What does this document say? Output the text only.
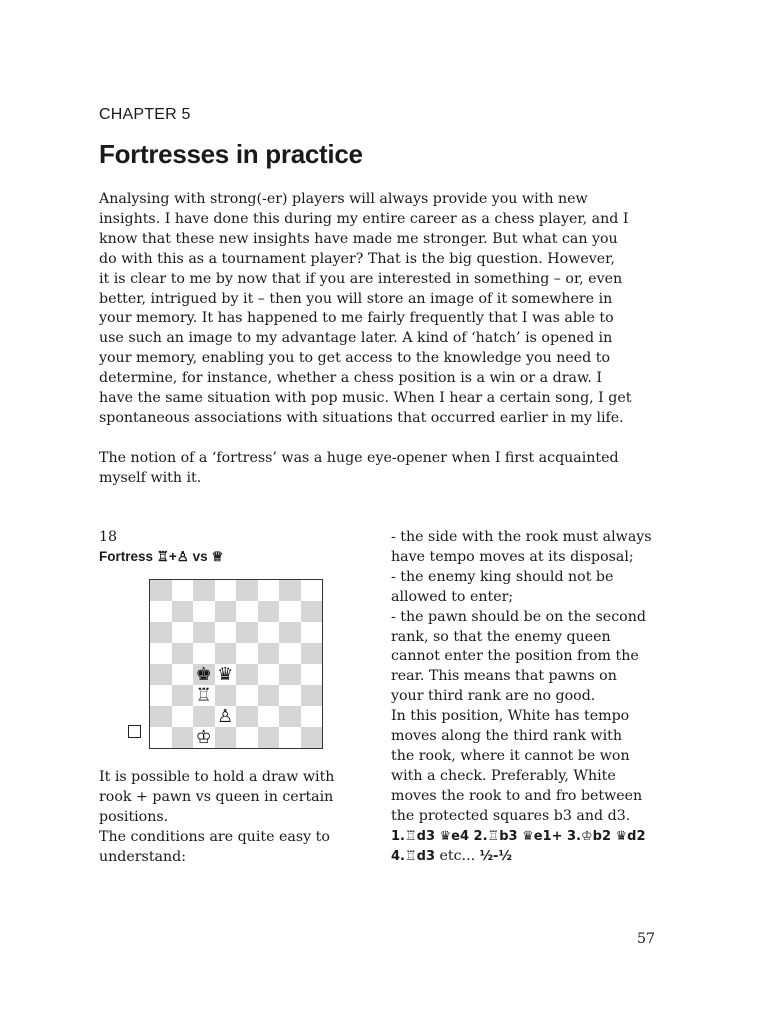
CHAPTER 5
Fortresses in practice

Analysing with strong(-er) players will always provide you with new
insights. I have done this during my entire career as a chess player, and I
know that these new insights have made me stronger. But what can you
do with this as a tournament player? That is the big question. However,
it is clear to me by now that if you are interested in something – or, even
better, intrigued by it – then you will store an image of it somewhere in
your memory. It has happened to me fairly frequently that I was able to
use such an image to my advantage later. A kind of ‘hatch’ is opened in
your memory, enabling you to get access to the knowledge you need to
determine, for instance, whether a chess position is a win or a draw. I
have the same situation with pop music. When I hear a certain song, I get
spontaneous associations with situations that occurred earlier in my life.

The notion of a ‘fortress’ was a huge eye-opener when I first acquainted
myself with it.

18
Fortress ♖+♙ vs ♕
♚ ♛
♖
♙
♔

It is possible to hold a draw with
rook + pawn vs queen in certain
positions.
The conditions are quite easy to
understand:

- the side with the rook must always
have tempo moves at its disposal;
- the enemy king should not be
allowed to enter;
- the pawn should be on the second
rank, so that the enemy queen
cannot enter the position from the
rear. This means that pawns on
your third rank are no good.
In this position, White has tempo
moves along the third rank with
the rook, where it cannot be won
with a check. Preferably, White
moves the rook to and fro between
the protected squares b3 and d3.
1.♖d3 ♛e4 2.♖b3 ♛e1+ 3.♔b2 ♛d2
4.♖d3 etc... ½-½
57
